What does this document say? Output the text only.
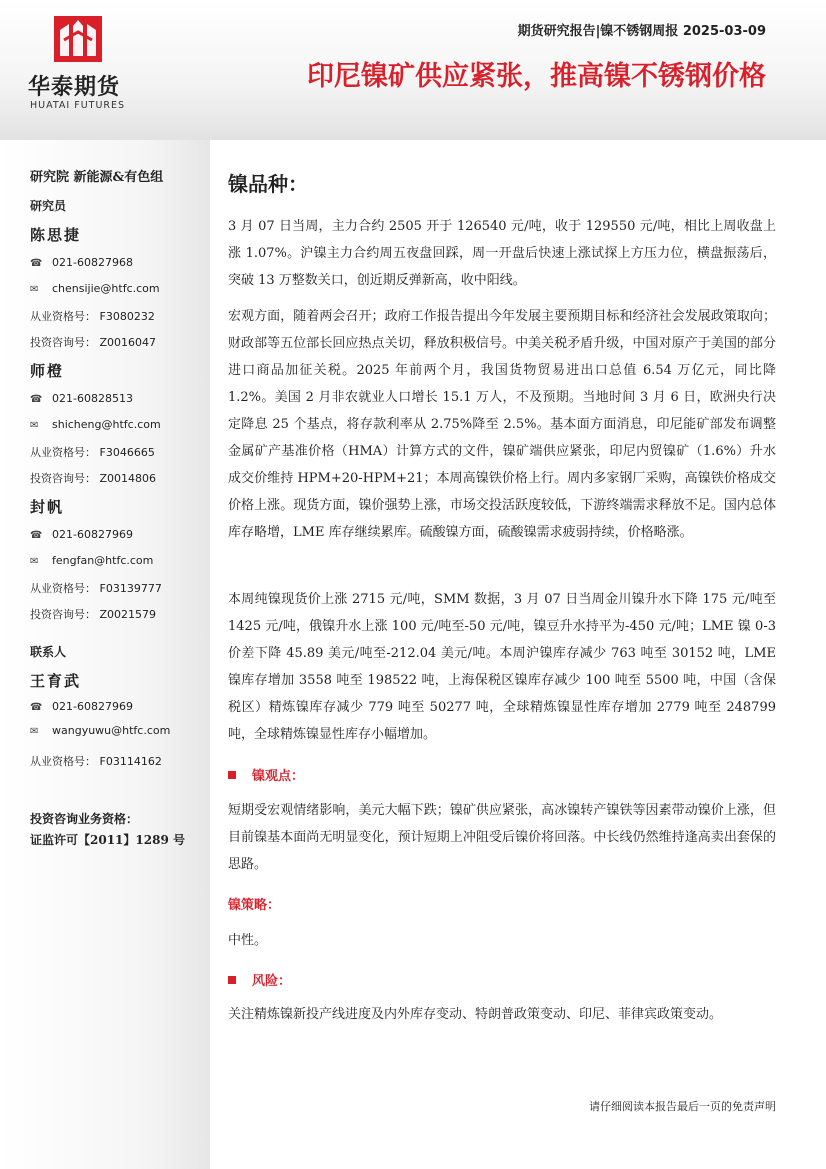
华泰期货
HUATAI FUTURES
期货研究报告|镍不锈钢周报 2025-03-09
印尼镍矿供应紧张，推高镍不锈钢价格
研究院 新能源&有色组
研究员
陈思捷
☎ 021-60827968
✉ chensijie@htfc.com
从业资格号： F3080232
投资咨询号： Z0016047
师橙
☎ 021-60828513
✉ shicheng@htfc.com
从业资格号： F3046665
投资咨询号： Z0014806
封帆
☎ 021-60827969
✉ fengfan@htfc.com
从业资格号： F03139777
投资咨询号： Z0021579
联系人
王育武
☎ 021-60827969
✉ wangyuwu@htfc.com
从业资格号： F03114162
投资咨询业务资格：
证监许可【2011】1289 号
镍品种：

3 月 07 日当周，主力合约 2505 开于 126540 元/吨，收于 129550 元/吨，相比上周收盘上涨 1.07%。沪镍主力合约周五夜盘回踩，周一开盘后快速上涨试探上方压力位，横盘振荡后，突破 13 万整数关口，创近期反弹新高，收中阳线。

宏观方面，随着两会召开；政府工作报告提出今年发展主要预期目标和经济社会发展政策取向；财政部等五位部长回应热点关切，释放积极信号。中美关税矛盾升级，中国对原产于美国的部分进口商品加征关税。2025 年前两个月，我国货物贸易进出口总值 6.54 万亿元，同比降 1.2%。美国 2 月非农就业人口增长 15.1 万人，不及预期。当地时间 3 月 6 日，欧洲央行决定降息 25 个基点，将存款利率从 2.75%降至 2.5%。基本面方面消息，印尼能矿部发布调整金属矿产基准价格（HMA）计算方式的文件，镍矿端供应紧张，印尼内贸镍矿（1.6%）升水成交价维持 HPM+20-HPM+21；本周高镍铁价格上行。周内多家钢厂采购，高镍铁价格成交价格上涨。现货方面，镍价强势上涨，市场交投活跃度较低，下游终端需求释放不足。国内总体库存略增，LME 库存继续累库。硫酸镍方面，硫酸镍需求疲弱持续，价格略涨。

本周纯镍现货价上涨 2715 元/吨，SMM 数据，3 月 07 日当周金川镍升水下降 175 元/吨至 1425 元/吨，俄镍升水上涨 100 元/吨至-50 元/吨，镍豆升水持平为-450 元/吨；LME 镍 0-3 价差下降 45.89 美元/吨至-212.04 美元/吨。本周沪镍库存减少 763 吨至 30152 吨，LME 镍库存增加 3558 吨至 198522 吨，上海保税区镍库存减少 100 吨至 5500 吨，中国（含保税区）精炼镍库存减少 779 吨至 50277 吨，全球精炼镍显性库存增加 2779 吨至 248799 吨，全球精炼镍显性库存小幅增加。

镍观点：

短期受宏观情绪影响，美元大幅下跌；镍矿供应紧张，高冰镍转产镍铁等因素带动镍价上涨，但目前镍基本面尚无明显变化，预计短期上冲阻受后镍价将回落。中长线仍然维持逢高卖出套保的思路。

镍策略：

中性。

风险：

关注精炼镍新投产线进度及内外库存变动、特朗普政策变动、印尼、菲律宾政策变动。

请仔细阅读本报告最后一页的免责声明
